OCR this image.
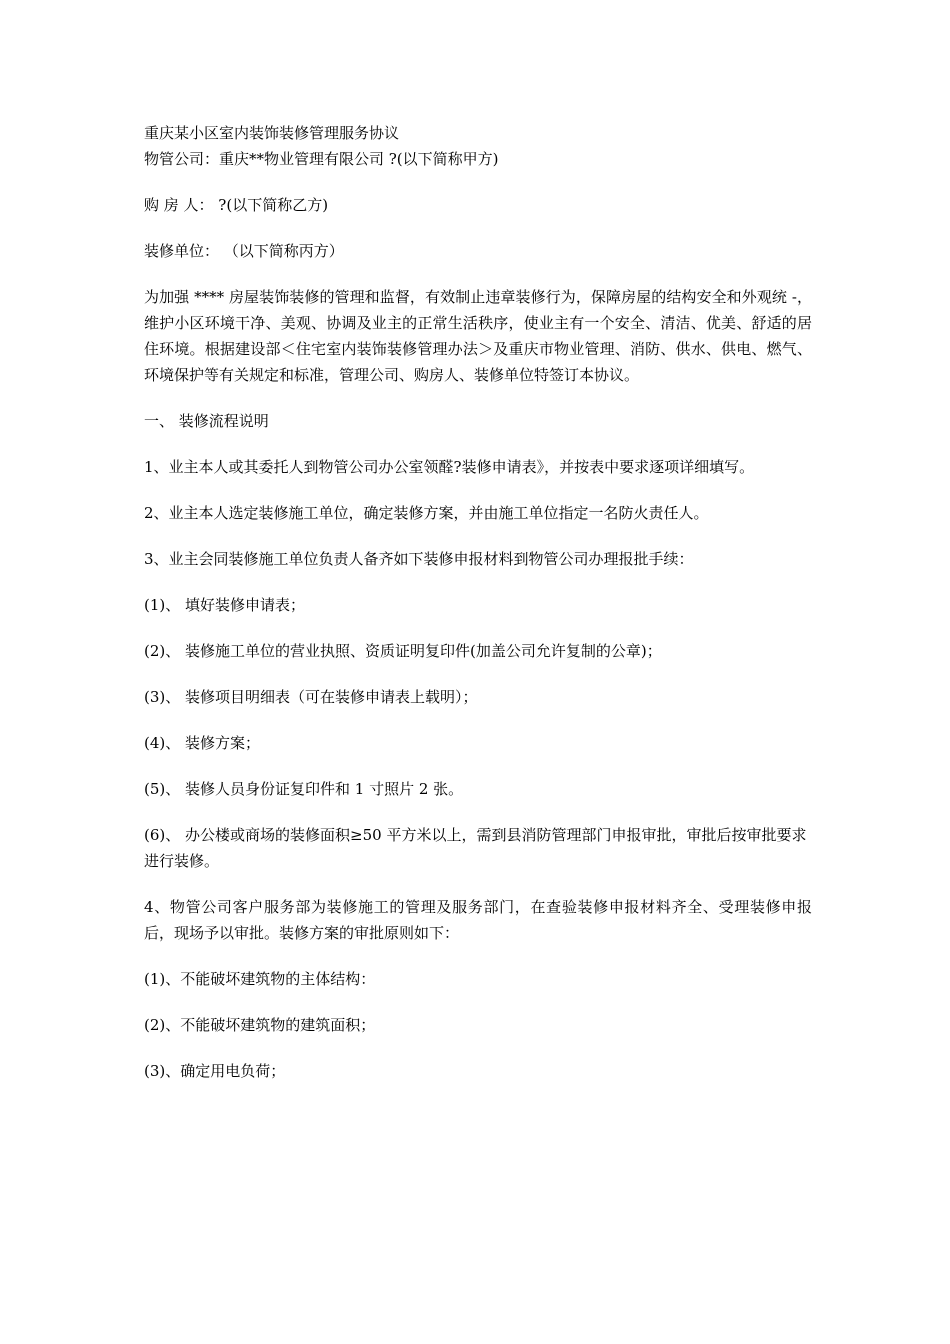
重庆某小区室内装饰装修管理服务协议

物管公司：重庆**物业管理有限公司 ?(以下简称甲方)

购 房 人： ?(以下简称乙方)

装修单位： （以下简称丙方）

为加强 **** 房屋装饰装修的管理和监督，有效制止违章装修行为，保障房屋的结构安全和外观统 -，维护小区环境干净、美观、协调及业主的正常生活秩序，使业主有一个安全、清洁、优美、舒适的居住环境。根据建设部＜住宅室内装饰装修管理办法＞及重庆市物业管理、消防、供水、供电、燃气、环境保护等有关规定和标准，管理公司、购房人、装修单位特签订本协议。

一、 装修流程说明

1、业主本人或其委托人到物管公司办公室领醛?装修申请表》，并按表中要求逐项详细填写。

2、业主本人选定装修施工单位，确定装修方案，并由施工单位指定一名防火责任人。

3、业主会同装修施工单位负责人备齐如下装修申报材料到物管公司办理报批手续：

(1)、 填好装修申请表；

(2)、 装修施工单位的营业执照、资质证明复印件(加盖公司允许复制的公章)；

(3)、 装修项目明细表（可在装修申请表上载明）；

(4)、 装修方案；

(5)、 装修人员身份证复印件和 1 寸照片 2 张。

(6)、 办公楼或商场的装修面积≥50 平方米以上，需到县消防管理部门申报审批，审批后按审批要求进行装修。

4、物管公司客户服务部为装修施工的管理及服务部门，在查验装修申报材料齐全、受理装修申报后，现场予以审批。装修方案的审批原则如下：

(1)、不能破坏建筑物的主体结构：

(2)、不能破坏建筑物的建筑面积；

(3)、确定用电负荷；
